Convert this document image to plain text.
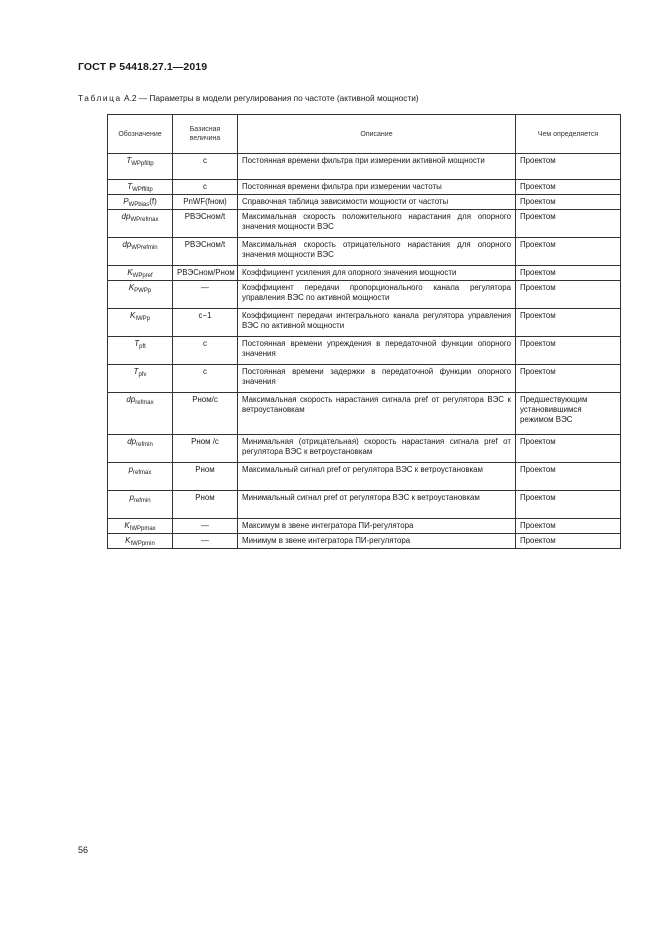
ГОСТ Р 54418.27.1—2019
Таблица А.2 — Параметры в модели регулирования по частоте (активной мощности)
Обозначение	Базисная величина	Описание	Чем определяется
$T_{WPpfiltp}$	с	Постоянная времени фильтра при измерении активной мощности	Проектом
$T_{WPffiltp}$	с	Постоянная времени фильтра при измерении частоты	Проектом
$P_{WPbias}(f)$	PnWF(fном)	Справочная таблица зависимости мощности от частоты	Проектом
$dp_{WPrefmax}$	PВЭСном/t	Максимальная скорость положительного нарастания для опорного значения мощности ВЭС	Проектом
$dp_{WPrefmin}$	PВЭСном/t	Максимальная скорость отрицательного нарастания для опорного значения мощности ВЭС	Проектом
$K_{WPpref}$	PВЭСном/Pном	Коэффициент усиления для опорного значения мощности	Проектом
$K_{PWPp}$	—	Коэффициент передачи пропорционального канала регулятора управления ВЭС по активной мощности	Проектом
$K_{IWPp}$	с−1	Коэффициент передачи интегрального канала регулятора управления ВЭС по активной мощности	Проектом
$T_{pft}$	с	Постоянная времени упреждения в передаточной функции опорного значения	Проектом
$T_{pfv}$	с	Постоянная времени задержки в передаточной функции опорного значения	Проектом
$dp_{refmax}$	Pном/с	Максимальная скорость нарастания сигнала pref от регулятора ВЭС к ветроустановкам	Предшествующим установившимся режимом ВЭС
$dp_{refmin}$	Pном /с	Минимальная (отрицательная) скорость нарастания сигнала pref от регулятора ВЭС к ветроустановкам	Проектом
$p_{refmax}$	Pном	Максимальный сигнал pref от регулятора ВЭС к ветроустановкам	Проектом
$p_{refmin}$	Pном	Минимальный сигнал pref от регулятора ВЭС к ветроустановкам	Проектом
$K_{IWPpmax}$	—	Максимум в звене интегратора ПИ-регулятора	Проектом
$K_{IWPpmin}$	—	Минимум в звене интегратора ПИ-регулятора	Проектом
56
